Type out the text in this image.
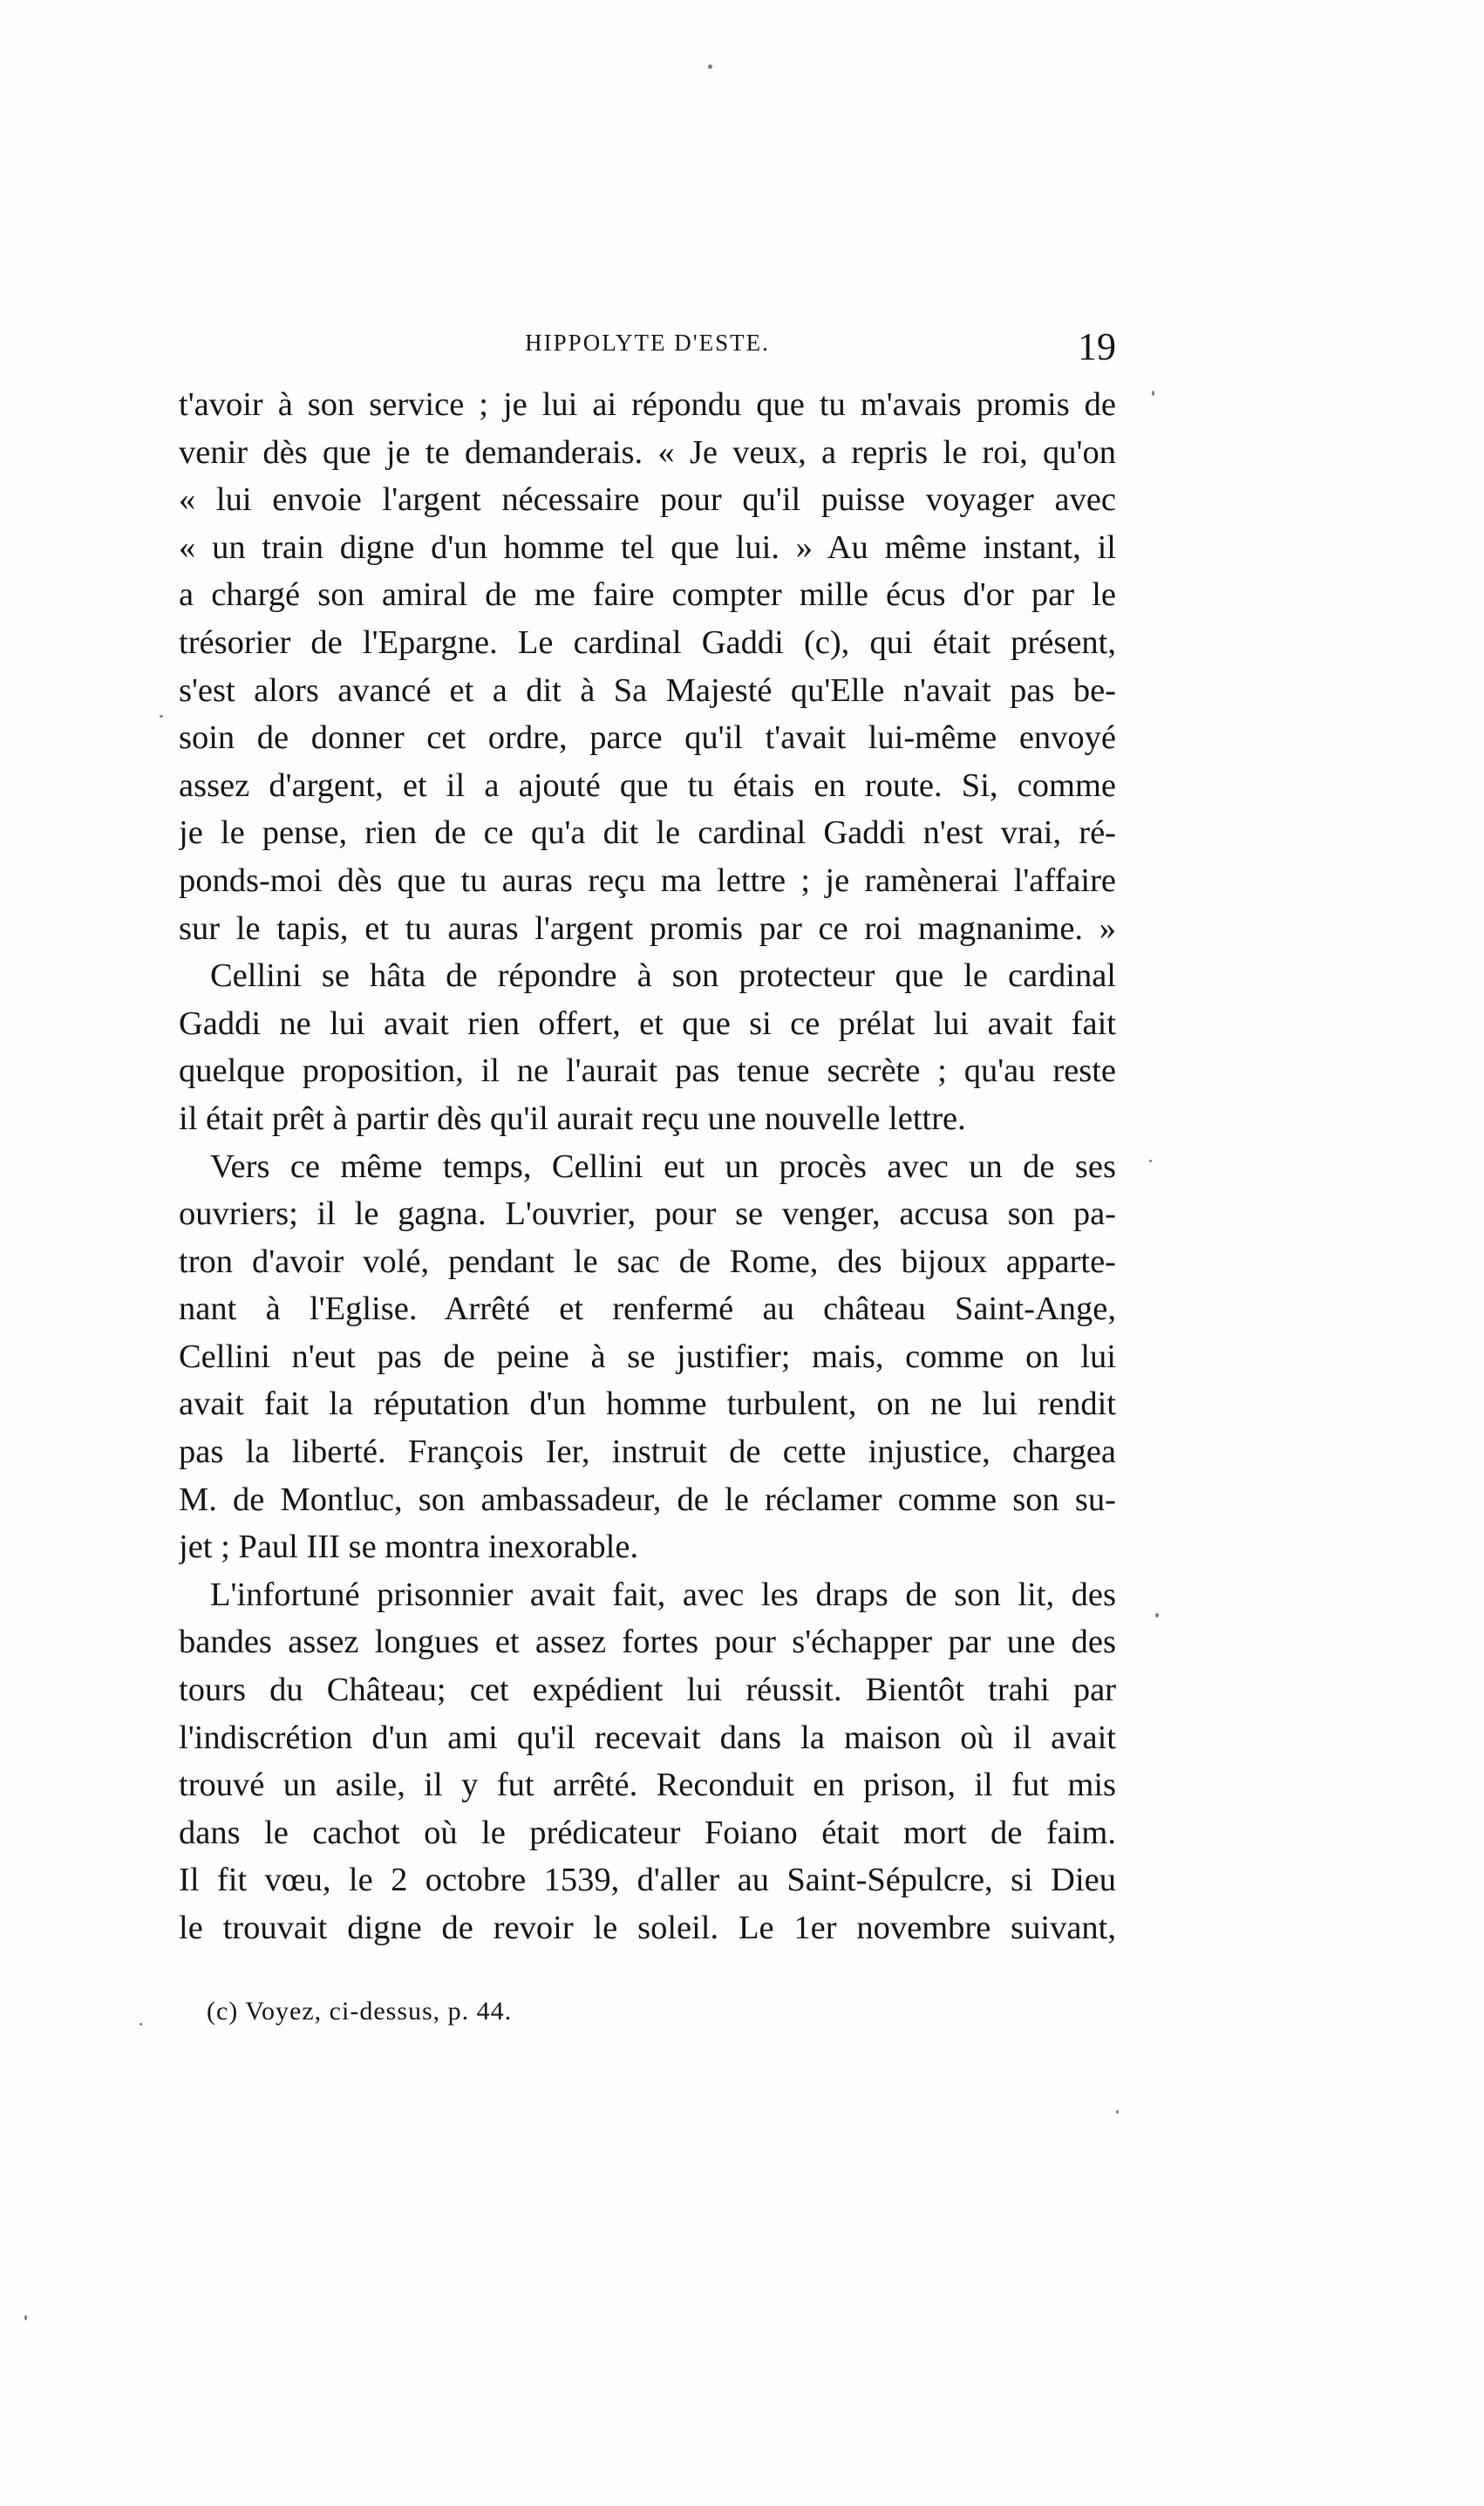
HIPPOLYTE D'ESTE.	19
t'avoir à son service ; je lui ai répondu que tu m'avais promis de
venir dès que je te demanderais. « Je veux, a repris le roi, qu'on
« lui envoie l'argent nécessaire pour qu'il puisse voyager avec
« un train digne d'un homme tel que lui. » Au même instant, il
a chargé son amiral de me faire compter mille écus d'or par le
trésorier de l'Epargne. Le cardinal Gaddi (c), qui était présent,
s'est alors avancé et a dit à Sa Majesté qu'Elle n'avait pas be-
soin de donner cet ordre, parce qu'il t'avait lui-même envoyé
assez d'argent, et il a ajouté que tu étais en route. Si, comme
je le pense, rien de ce qu'a dit le cardinal Gaddi n'est vrai, ré-
ponds-moi dès que tu auras reçu ma lettre ; je ramènerai l'affaire
sur le tapis, et tu auras l'argent promis par ce roi magnanime. »
Cellini se hâta de répondre à son protecteur que le cardinal
Gaddi ne lui avait rien offert, et que si ce prélat lui avait fait
quelque proposition, il ne l'aurait pas tenue secrète ; qu'au reste
il était prêt à partir dès qu'il aurait reçu une nouvelle lettre.
Vers ce même temps, Cellini eut un procès avec un de ses
ouvriers; il le gagna. L'ouvrier, pour se venger, accusa son pa-
tron d'avoir volé, pendant le sac de Rome, des bijoux apparte-
nant à l'Eglise. Arrêté et renfermé au château Saint-Ange,
Cellini n'eut pas de peine à se justifier; mais, comme on lui
avait fait la réputation d'un homme turbulent, on ne lui rendit
pas la liberté. François Ier, instruit de cette injustice, chargea
M. de Montluc, son ambassadeur, de le réclamer comme son su-
jet ; Paul III se montra inexorable.
L'infortuné prisonnier avait fait, avec les draps de son lit, des
bandes assez longues et assez fortes pour s'échapper par une des
tours du Château; cet expédient lui réussit. Bientôt trahi par
l'indiscrétion d'un ami qu'il recevait dans la maison où il avait
trouvé un asile, il y fut arrêté. Reconduit en prison, il fut mis
dans le cachot où le prédicateur Foiano était mort de faim.
Il fit vœu, le 2 octobre 1539, d'aller au Saint-Sépulcre, si Dieu
le trouvait digne de revoir le soleil. Le 1er novembre suivant,
(c) Voyez, ci-dessus, p. 44.
